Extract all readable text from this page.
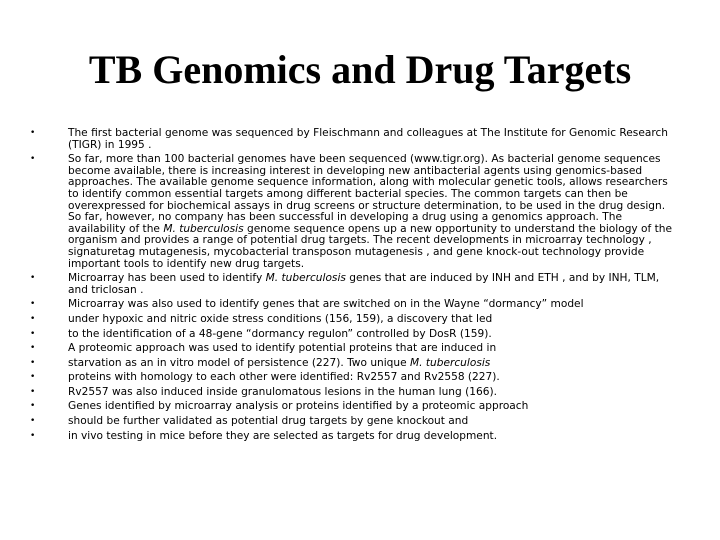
TB Genomics and Drug Targets
•	The first bacterial genome was sequenced by Fleischmann and colleagues at The Institute for Genomic Research (TIGR) in 1995 .
•	So far, more than 100 bacterial genomes have been sequenced (www.tigr.org). As bacterial genome sequences become available, there is increasing interest in developing new antibacterial agents using genomics-based approaches. The available genome sequence information, along with molecular genetic tools, allows researchers to identify common essential targets among different bacterial species. The common targets can then be overexpressed for biochemical assays in drug screens or structure determination, to be used in the drug design. So far, however, no company has been successful in developing a drug using a genomics approach. The availability of the M. tuberculosis genome sequence opens up a new opportunity to understand the biology of the organism and provides a range of potential drug targets. The recent developments in microarray technology , signaturetag mutagenesis, mycobacterial transposon mutagenesis , and gene knock-out technology provide important tools to identify new drug targets.
•	Microarray has been used to identify M. tuberculosis genes that are induced by INH and ETH , and by INH, TLM, and triclosan .
•	Microarray was also used to identify genes that are switched on in the Wayne “dormancy” model
•	under hypoxic and nitric oxide stress conditions (156, 159), a discovery that led
•	to the identification of a 48-gene “dormancy regulon” controlled by DosR (159).
•	A proteomic approach was used to identify potential proteins that are induced in
•	starvation as an in vitro model of persistence (227). Two unique M. tuberculosis
•	proteins with homology to each other were identified: Rv2557 and Rv2558 (227).
•	Rv2557 was also induced inside granulomatous lesions in the human lung (166).
•	Genes identified by microarray analysis or proteins identified by a proteomic approach
•	should be further validated as potential drug targets by gene knockout and
•	in vivo testing in mice before they are selected as targets for drug development.
